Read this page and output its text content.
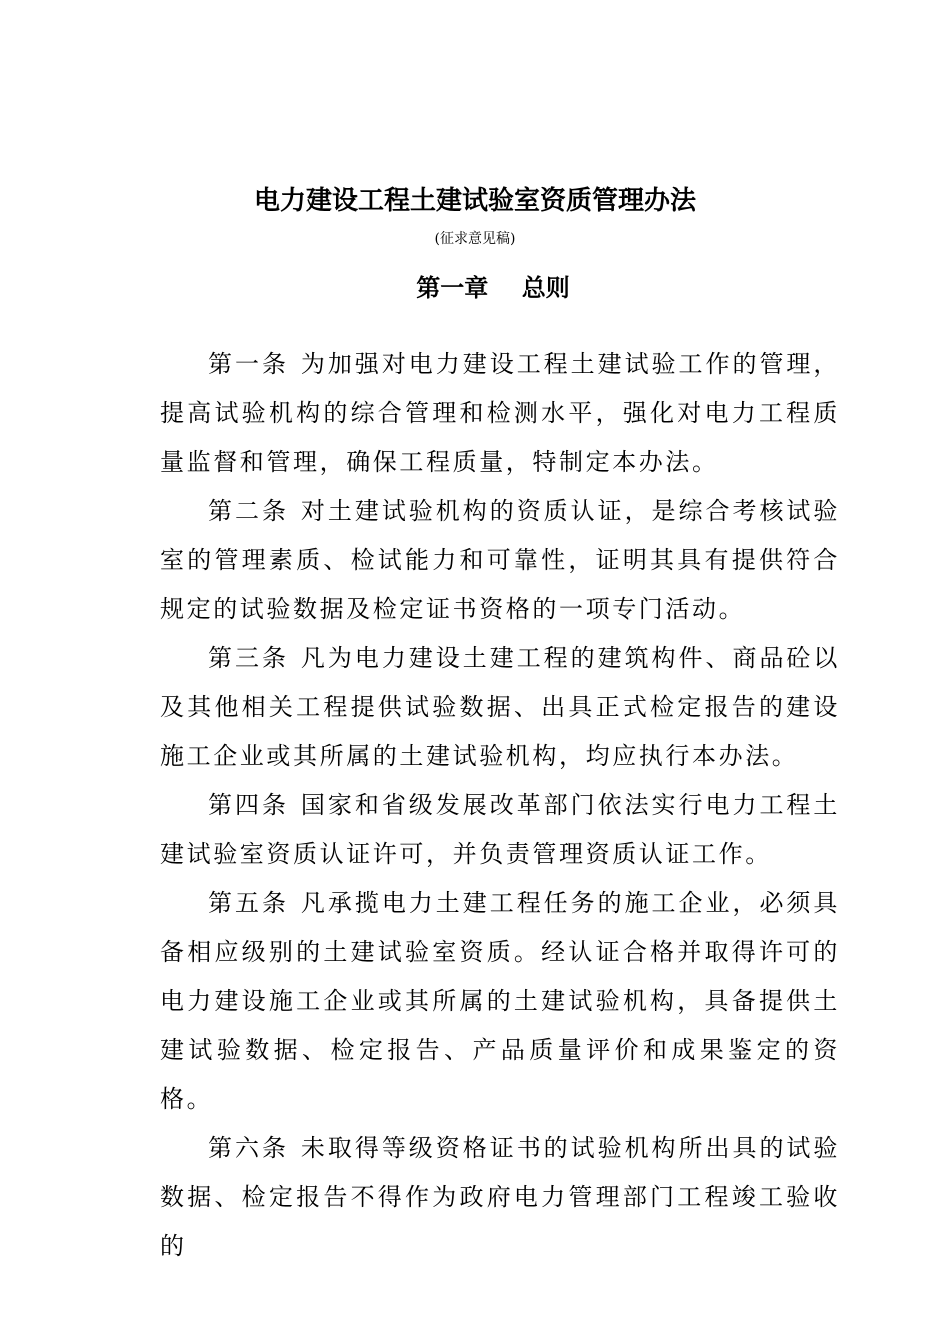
电力建设工程土建试验室资质管理办法

(征求意见稿)

第一章 总则

第一条 为加强对电力建设工程土建试验工作的管理，提高试验机构的综合管理和检测水平，强化对电力工程质量监督和管理，确保工程质量，特制定本办法。

第二条 对土建试验机构的资质认证，是综合考核试验室的管理素质、检试能力和可靠性，证明其具有提供符合规定的试验数据及检定证书资格的一项专门活动。

第三条 凡为电力建设土建工程的建筑构件、商品砼以及其他相关工程提供试验数据、出具正式检定报告的建设施工企业或其所属的土建试验机构，均应执行本办法。

第四条 国家和省级发展改革部门依法实行电力工程土建试验室资质认证许可，并负责管理资质认证工作。

第五条 凡承揽电力土建工程任务的施工企业，必须具备相应级别的土建试验室资质。经认证合格并取得许可的电力建设施工企业或其所属的土建试验机构，具备提供土建试验数据、检定报告、产品质量评价和成果鉴定的资格。

第六条 未取得等级资格证书的试验机构所出具的试验数据、检定报告不得作为政府电力管理部门工程竣工验收的
